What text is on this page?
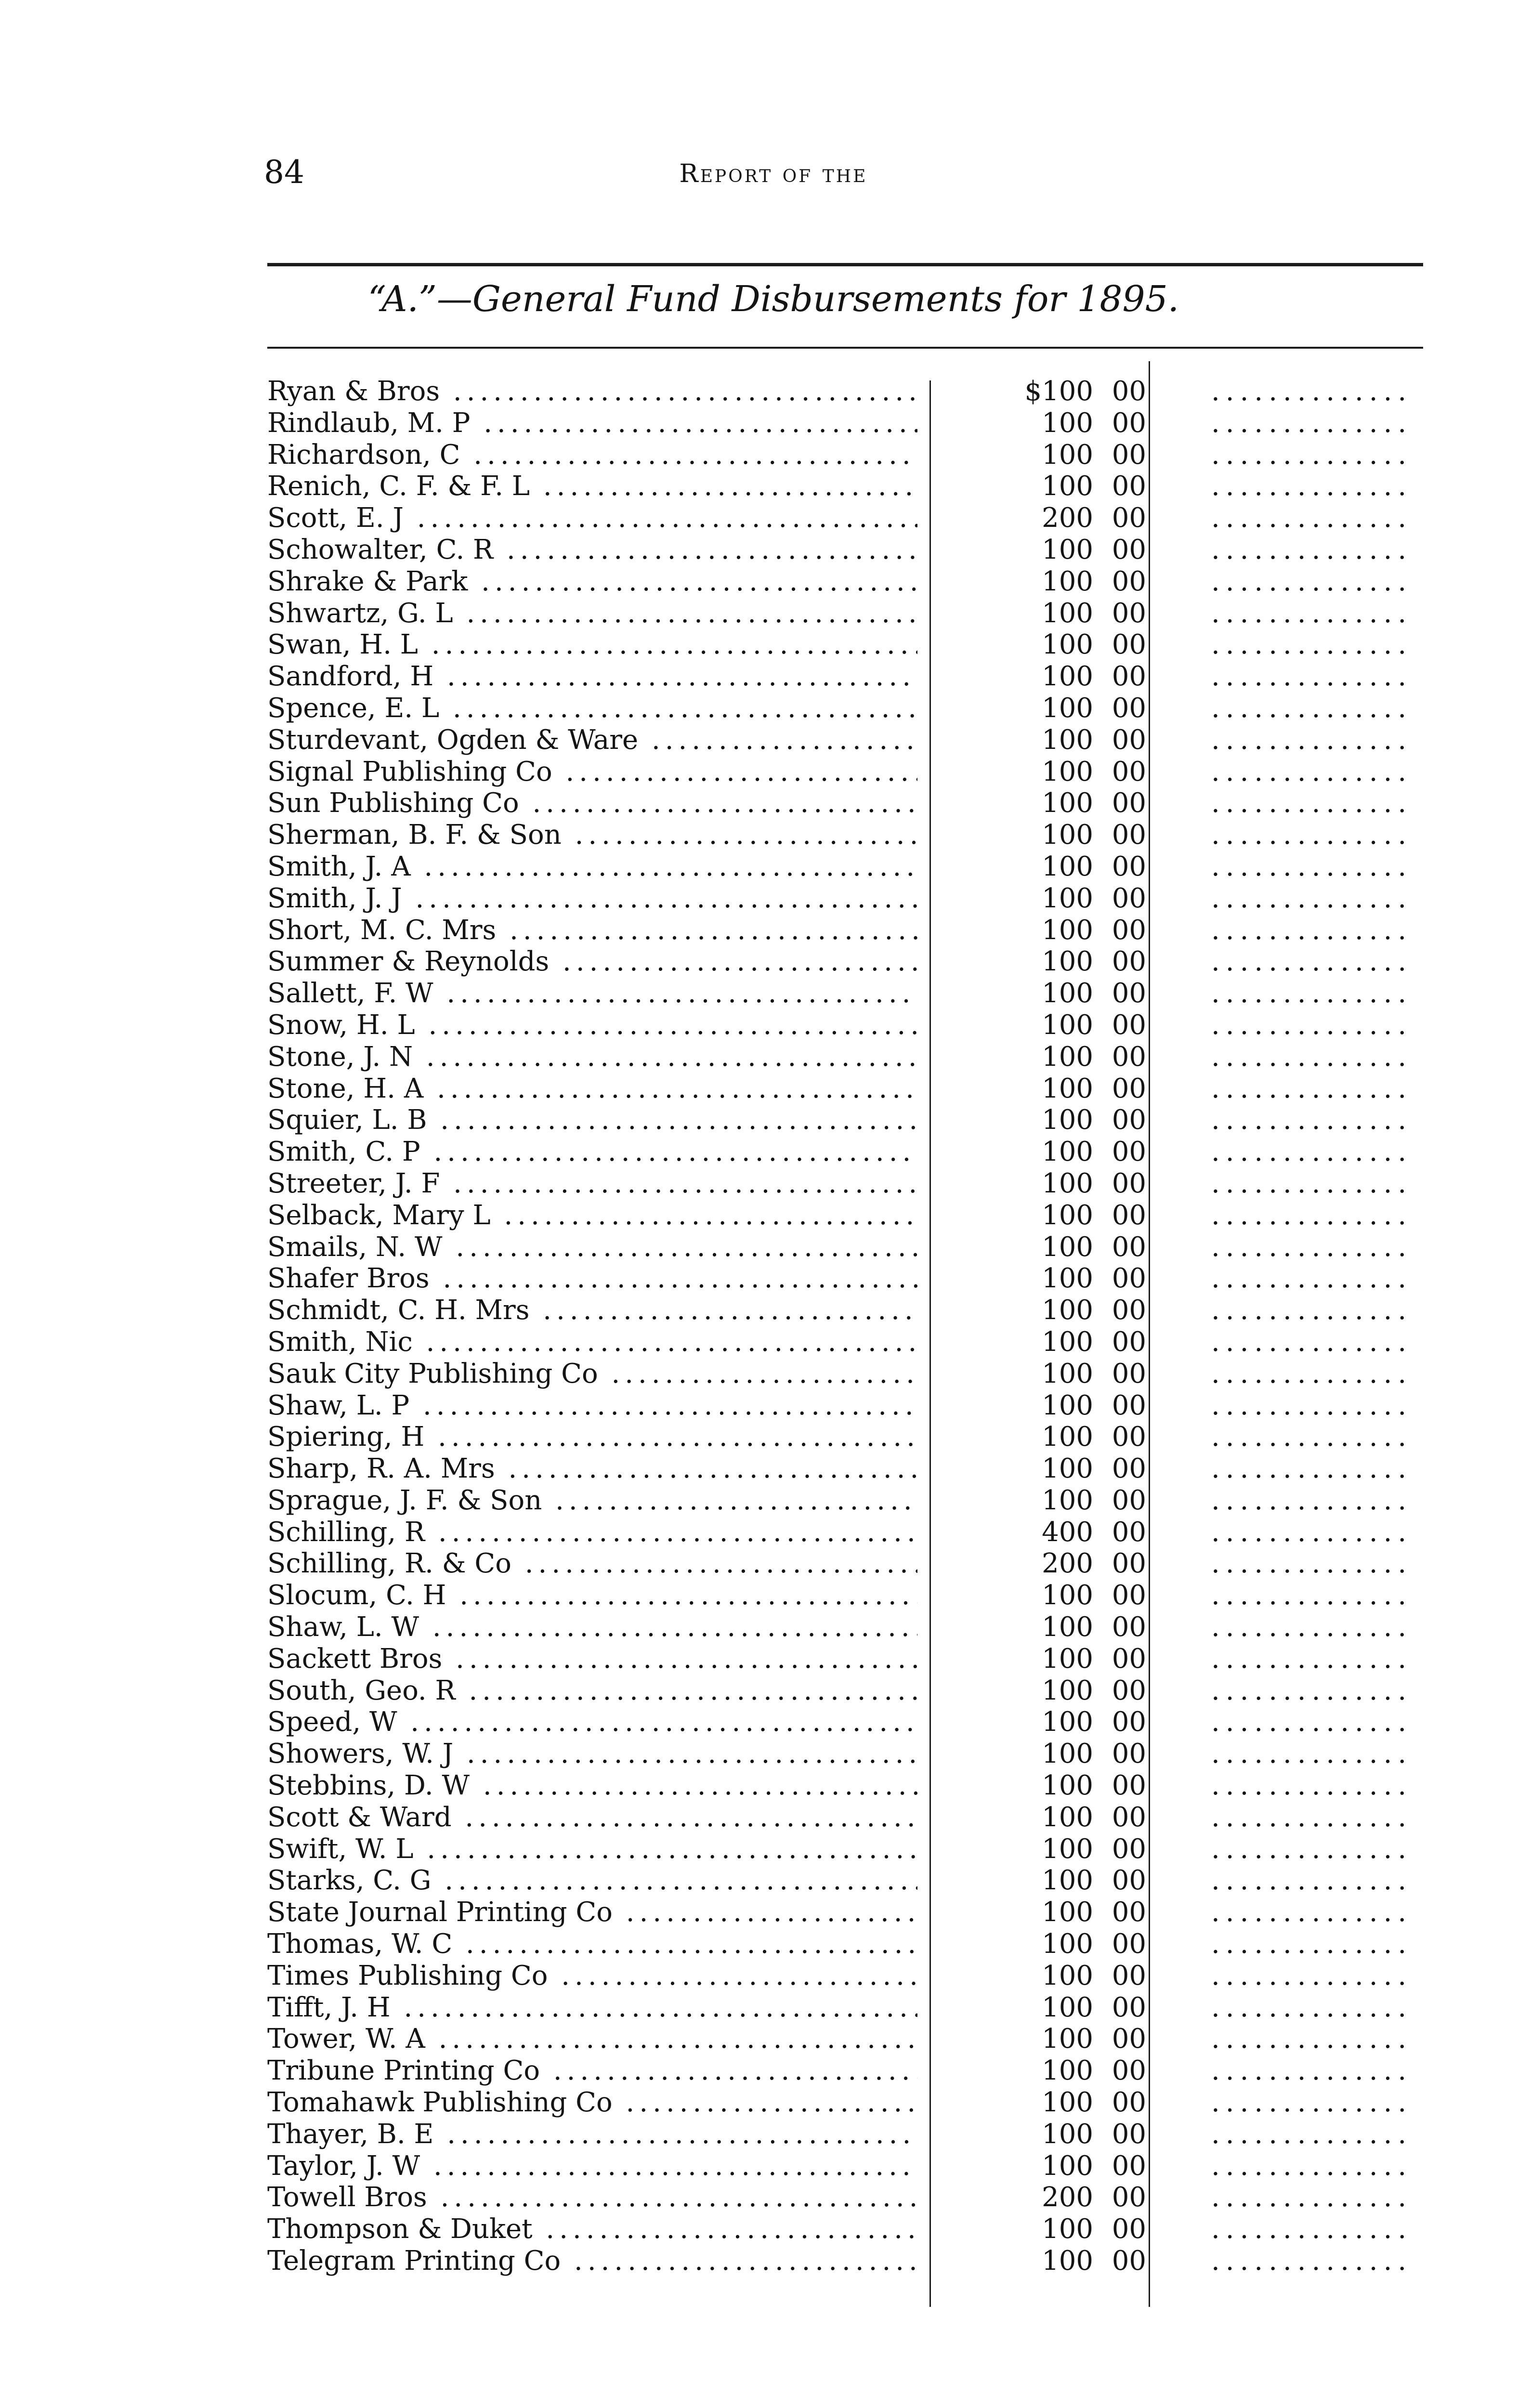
84	Report of the
“A.”—General Fund Disbursements for 1895.
Ryan & Bros .....	$100 00	..............
Rindlaub, M. P .....	100 00	..............
Richardson, C .....	100 00	..............
Renich, C. F. & F. L .....	100 00	..............
Scott, E. J .....	200 00	..............
Schowalter, C. R .....	100 00	..............
Shrake & Park .....	100 00	..............
Shwartz, G. L .....	100 00	..............
Swan, H. L .....	100 00	..............
Sandford, H .....	100 00	..............
Spence, E. L .....	100 00	..............
Sturdevant, Ogden & Ware .....	100 00	..............
Signal Publishing Co .....	100 00	..............
Sun Publishing Co .....	100 00	..............
Sherman, B. F. & Son .....	100 00	..............
Smith, J. A .....	100 00	..............
Smith, J. J .....	100 00	..............
Short, M. C. Mrs .....	100 00	..............
Summer & Reynolds .....	100 00	..............
Sallett, F. W .....	100 00	..............
Snow, H. L .....	100 00	..............
Stone, J. N .....	100 00	..............
Stone, H. A .....	100 00	..............
Squier, L. B .....	100 00	..............
Smith, C. P .....	100 00	..............
Streeter, J. F .....	100 00	..............
Selback, Mary L .....	100 00	..............
Smails, N. W .....	100 00	..............
Shafer Bros .....	100 00	..............
Schmidt, C. H. Mrs .....	100 00	..............
Smith, Nic .....	100 00	..............
Sauk City Publishing Co .....	100 00	..............
Shaw, L. P .....	100 00	..............
Spiering, H .....	100 00	..............
Sharp, R. A. Mrs .....	100 00	..............
Sprague, J. F. & Son .....	100 00	..............
Schilling, R .....	400 00	..............
Schilling, R. & Co .....	200 00	..............
Slocum, C. H .....	100 00	..............
Shaw, L. W .....	100 00	..............
Sackett Bros .....	100 00	..............
South, Geo. R .....	100 00	..............
Speed, W .....	100 00	..............
Showers, W. J .....	100 00	..............
Stebbins, D. W .....	100 00	..............
Scott & Ward .....	100 00	..............
Swift, W. L .....	100 00	..............
Starks, C. G .....	100 00	..............
State Journal Printing Co .....	100 00	..............
Thomas, W. C .....	100 00	..............
Times Publishing Co .....	100 00	..............
Tifft, J. H .....	100 00	..............
Tower, W. A .....	100 00	..............
Tribune Printing Co .....	100 00	..............
Tomahawk Publishing Co .....	100 00	..............
Thayer, B. E .....	100 00	..............
Taylor, J. W .....	100 00	..............
Towell Bros .....	200 00	..............
Thompson & Duket .....	100 00	..............
Telegram Printing Co .....	100 00	..............
